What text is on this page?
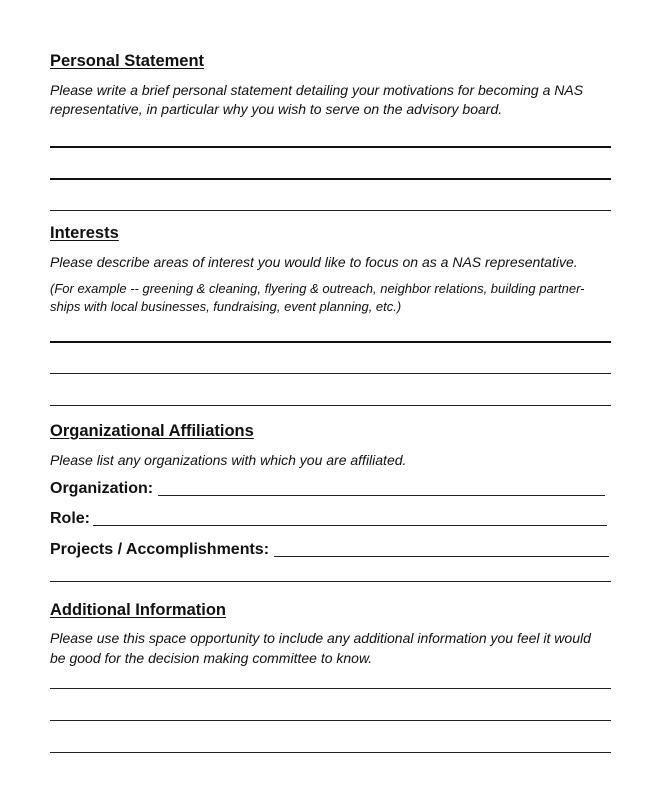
Personal Statement
Please write a brief personal statement detailing your motivations for becoming a NAS
representative, in particular why you wish to serve on the advisory board.
Interests
Please describe areas of interest you would like to focus on as a NAS representative.
(For example -- greening & cleaning, flyering & outreach, neighbor relations, building partner-
ships with local businesses, fundraising, event planning, etc.)
Organizational Affiliations
Please list any organizations with which you are affiliated.
Organization:
Role:
Projects / Accomplishments:
Additional Information
Please use this space opportunity to include any additional information you feel it would
be good for the decision making committee to know.
